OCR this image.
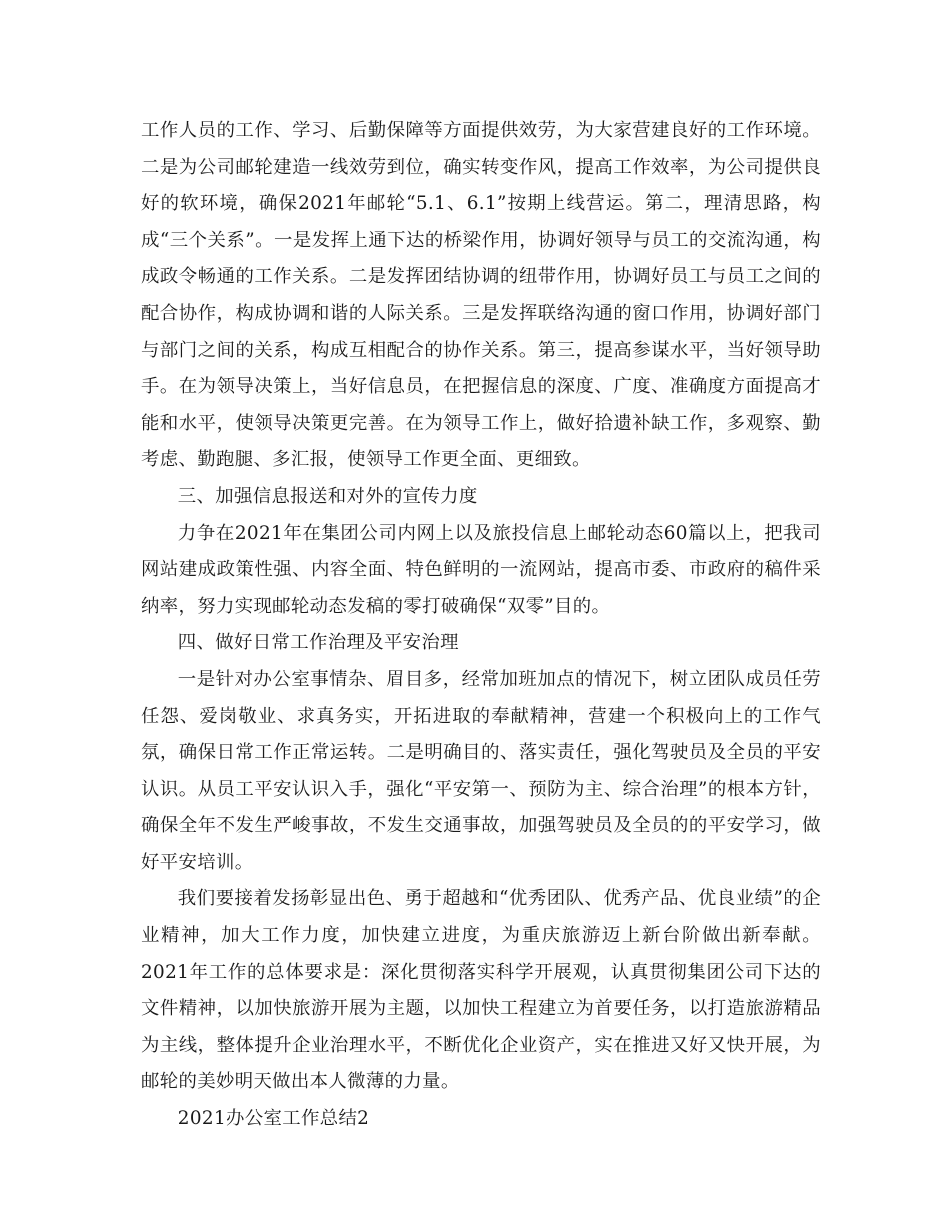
工作人员的工作、学习、后勤保障等方面提供效劳，为大家营建良好的工作环境。二是为公司邮轮建造一线效劳到位，确实转变作风，提高工作效率，为公司提供良好的软环境，确保2021年邮轮“5.1、6.1”按期上线营运。第二，理清思路，构成“三个关系”。一是发挥上通下达的桥梁作用，协调好领导与员工的交流沟通，构成政令畅通的工作关系。二是发挥团结协调的纽带作用，协调好员工与员工之间的配合协作，构成协调和谐的人际关系。三是发挥联络沟通的窗口作用，协调好部门与部门之间的关系，构成互相配合的协作关系。第三，提高参谋水平，当好领导助手。在为领导决策上，当好信息员，在把握信息的深度、广度、准确度方面提高才能和水平，使领导决策更完善。在为领导工作上，做好拾遗补缺工作，多观察、勤考虑、勤跑腿、多汇报，使领导工作更全面、更细致。

三、加强信息报送和对外的宣传力度

力争在2021年在集团公司内网上以及旅投信息上邮轮动态60篇以上，把我司网站建成政策性强、内容全面、特色鲜明的一流网站，提高市委、市政府的稿件采纳率，努力实现邮轮动态发稿的零打破确保“双零”目的。

四、做好日常工作治理及平安治理

一是针对办公室事情杂、眉目多，经常加班加点的情况下，树立团队成员任劳任怨、爱岗敬业、求真务实，开拓进取的奉献精神，营建一个积极向上的工作气氛，确保日常工作正常运转。二是明确目的、落实责任，强化驾驶员及全员的平安认识。从员工平安认识入手，强化“平安第一、预防为主、综合治理”的根本方针，确保全年不发生严峻事故，不发生交通事故，加强驾驶员及全员的的平安学习，做好平安培训。

我们要接着发扬彰显出色、勇于超越和“优秀团队、优秀产品、优良业绩”的企业精神，加大工作力度，加快建立进度，为重庆旅游迈上新台阶做出新奉献。2021年工作的总体要求是：深化贯彻落实科学开展观，认真贯彻集团公司下达的文件精神，以加快旅游开展为主题，以加快工程建立为首要任务，以打造旅游精品为主线，整体提升企业治理水平，不断优化企业资产，实在推进又好又快开展，为邮轮的美妙明天做出本人微薄的力量。

2021办公室工作总结2
